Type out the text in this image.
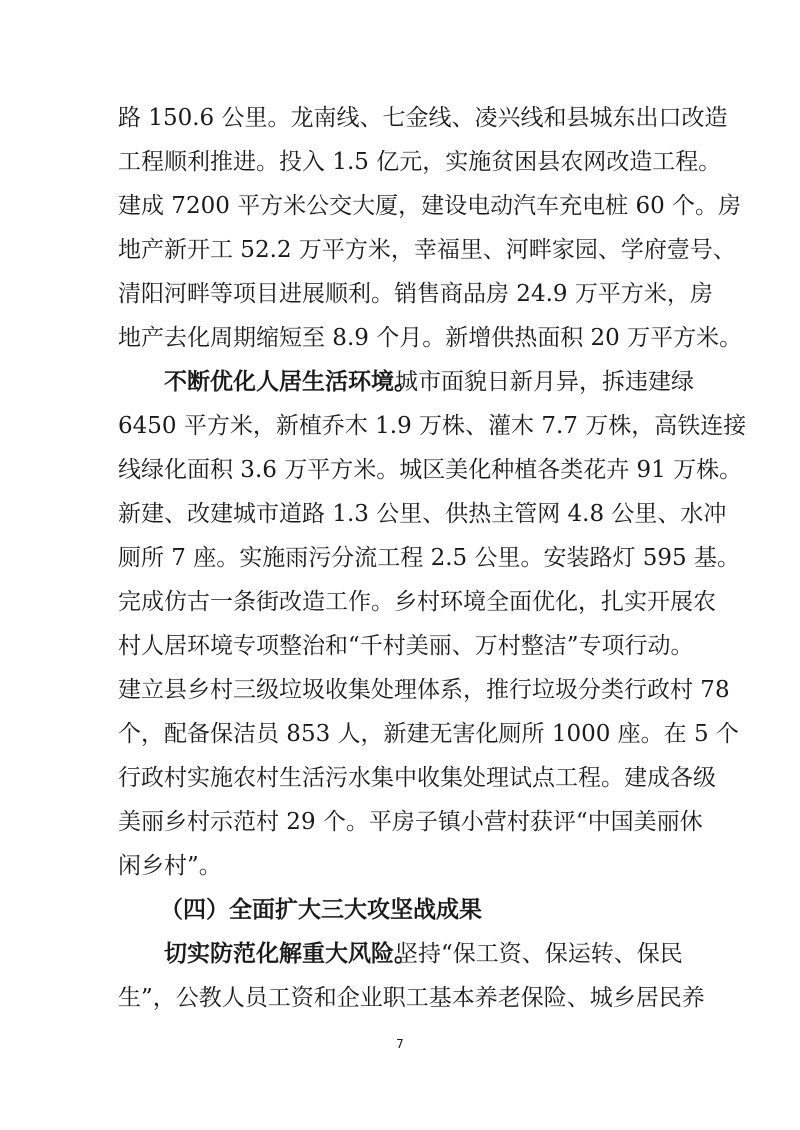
路 150.6 公里。龙南线、七金线、凌兴线和县城东出口改造
工程顺利推进。投入 1.5 亿元，实施贫困县农网改造工程。
建成 7200 平方米公交大厦，建设电动汽车充电桩 60 个。房
地产新开工 52.2 万平方米，幸福里、河畔家园、学府壹号、
清阳河畔等项目进展顺利。销售商品房 24.9 万平方米，房
地产去化周期缩短至 8.9 个月。新增供热面积 20 万平方米。
不断优化人居生活环境。
城市面貌日新月异，拆违建绿
6450 平方米，新植乔木 1.9 万株、灌木 7.7 万株，高铁连接
线绿化面积 3.6 万平方米。城区美化种植各类花卉 91 万株。
新建、改建城市道路 1.3 公里、供热主管网 4.8 公里、水冲
厕所 7 座。实施雨污分流工程 2.5 公里。安装路灯 595 基。
完成仿古一条街改造工作。乡村环境全面优化，扎实开展农
村人居环境专项整治和“千村美丽、万村整洁”专项行动。
建立县乡村三级垃圾收集处理体系，推行垃圾分类行政村 78
个，配备保洁员 853 人，新建无害化厕所 1000 座。在 5 个
行政村实施农村生活污水集中收集处理试点工程。建成各级
美丽乡村示范村 29 个。平房子镇小营村获评“中国美丽休
闲乡村”。
（四）全面扩大三大攻坚战成果
切实防范化解重大风险。
坚持“保工资、保运转、保民
生”，公教人员工资和企业职工基本养老保险、城乡居民养
7
